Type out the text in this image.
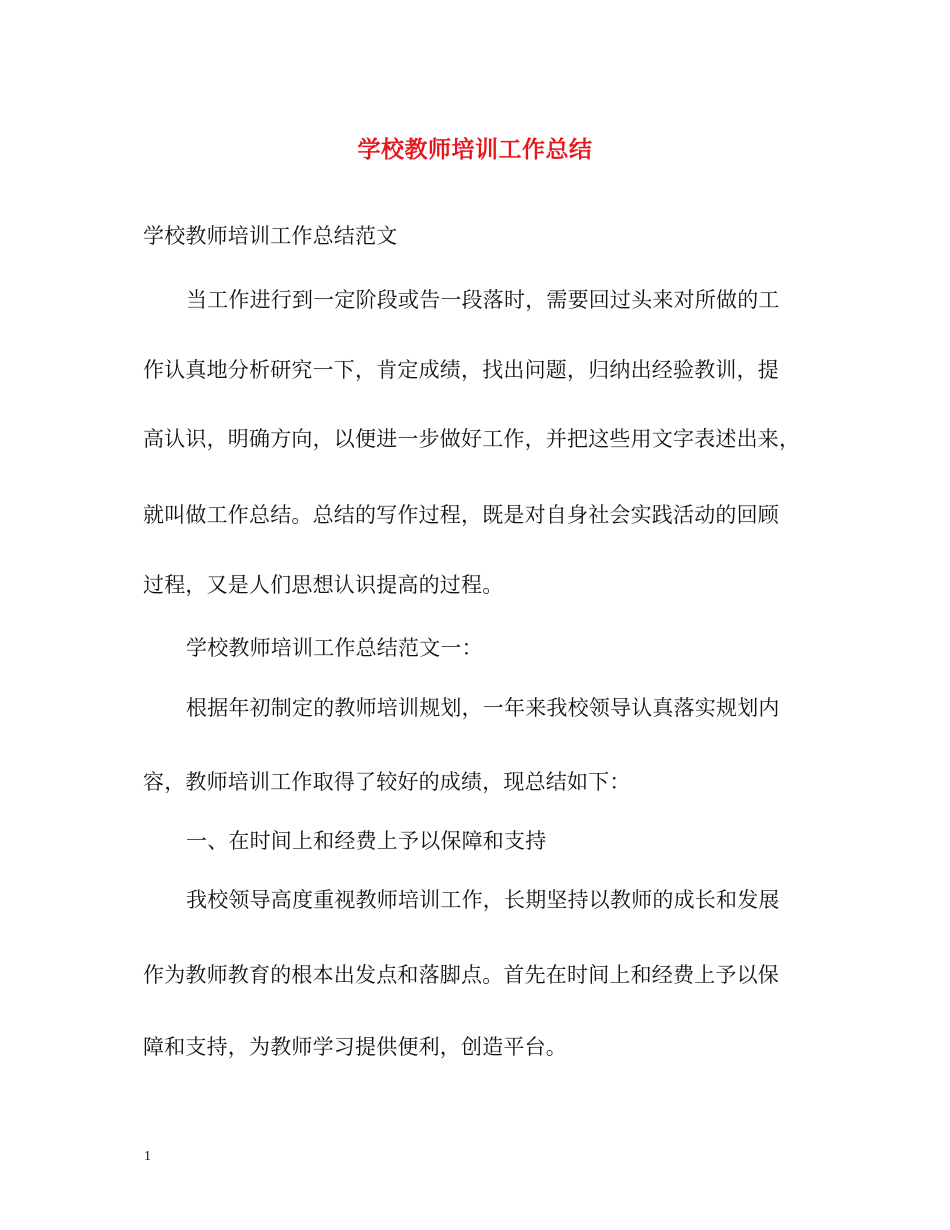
学校教师培训工作总结
学校教师培训工作总结范文
当工作进行到一定阶段或告一段落时，需要回过头来对所做的工
作认真地分析研究一下，肯定成绩，找出问题，归纳出经验教训，提
高认识，明确方向，以便进一步做好工作，并把这些用文字表述出来，
就叫做工作总结。总结的写作过程，既是对自身社会实践活动的回顾
过程，又是人们思想认识提高的过程。
学校教师培训工作总结范文一：
根据年初制定的教师培训规划，一年来我校领导认真落实规划内
容，教师培训工作取得了较好的成绩，现总结如下：
一、在时间上和经费上予以保障和支持
我校领导高度重视教师培训工作，长期坚持以教师的成长和发展
作为教师教育的根本出发点和落脚点。首先在时间上和经费上予以保
障和支持，为教师学习提供便利，创造平台。
1
